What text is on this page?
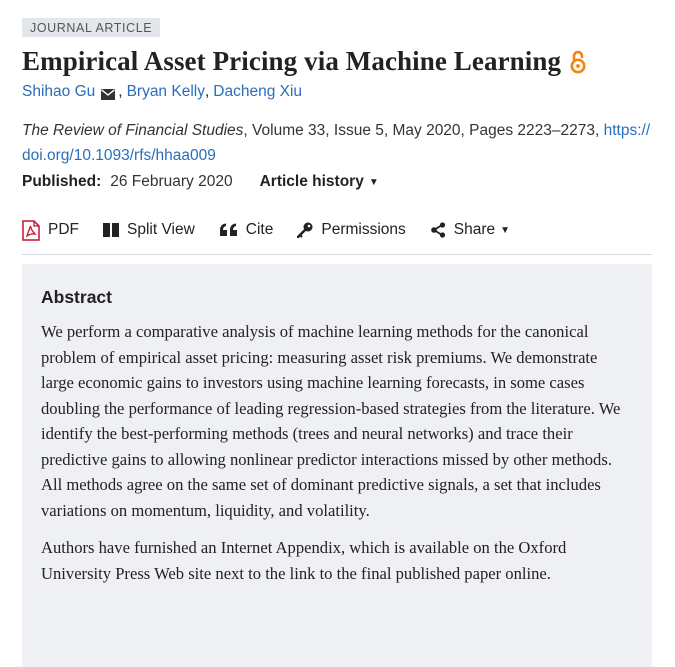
JOURNAL ARTICLE
Empirical Asset Pricing via Machine Learning
Shihao Gu , Bryan Kelly , Dacheng Xiu
The Review of Financial Studies, Volume 33, Issue 5, May 2020, Pages 2223–2273, https://
doi.org/10.1093/rfs/hhaa009
Published: 26 February 2020 Article history ▼
PDF	Split View	Cite	Permissions	Share ▼
Abstract

We perform a comparative analysis of machine learning methods for the canonical problem of empirical asset pricing: measuring asset risk premiums. We demonstrate large economic gains to investors using machine learning forecasts, in some cases doubling the performance of leading regression-based strategies from the literature. We identify the best-performing methods (trees and neural networks) and trace their predictive gains to allowing nonlinear predictor interactions missed by other methods. All methods agree on the same set of dominant predictive signals, a set that includes variations on momentum, liquidity, and volatility.

Authors have furnished an Internet Appendix, which is available on the Oxford University Press Web site next to the link to the final published paper online.
